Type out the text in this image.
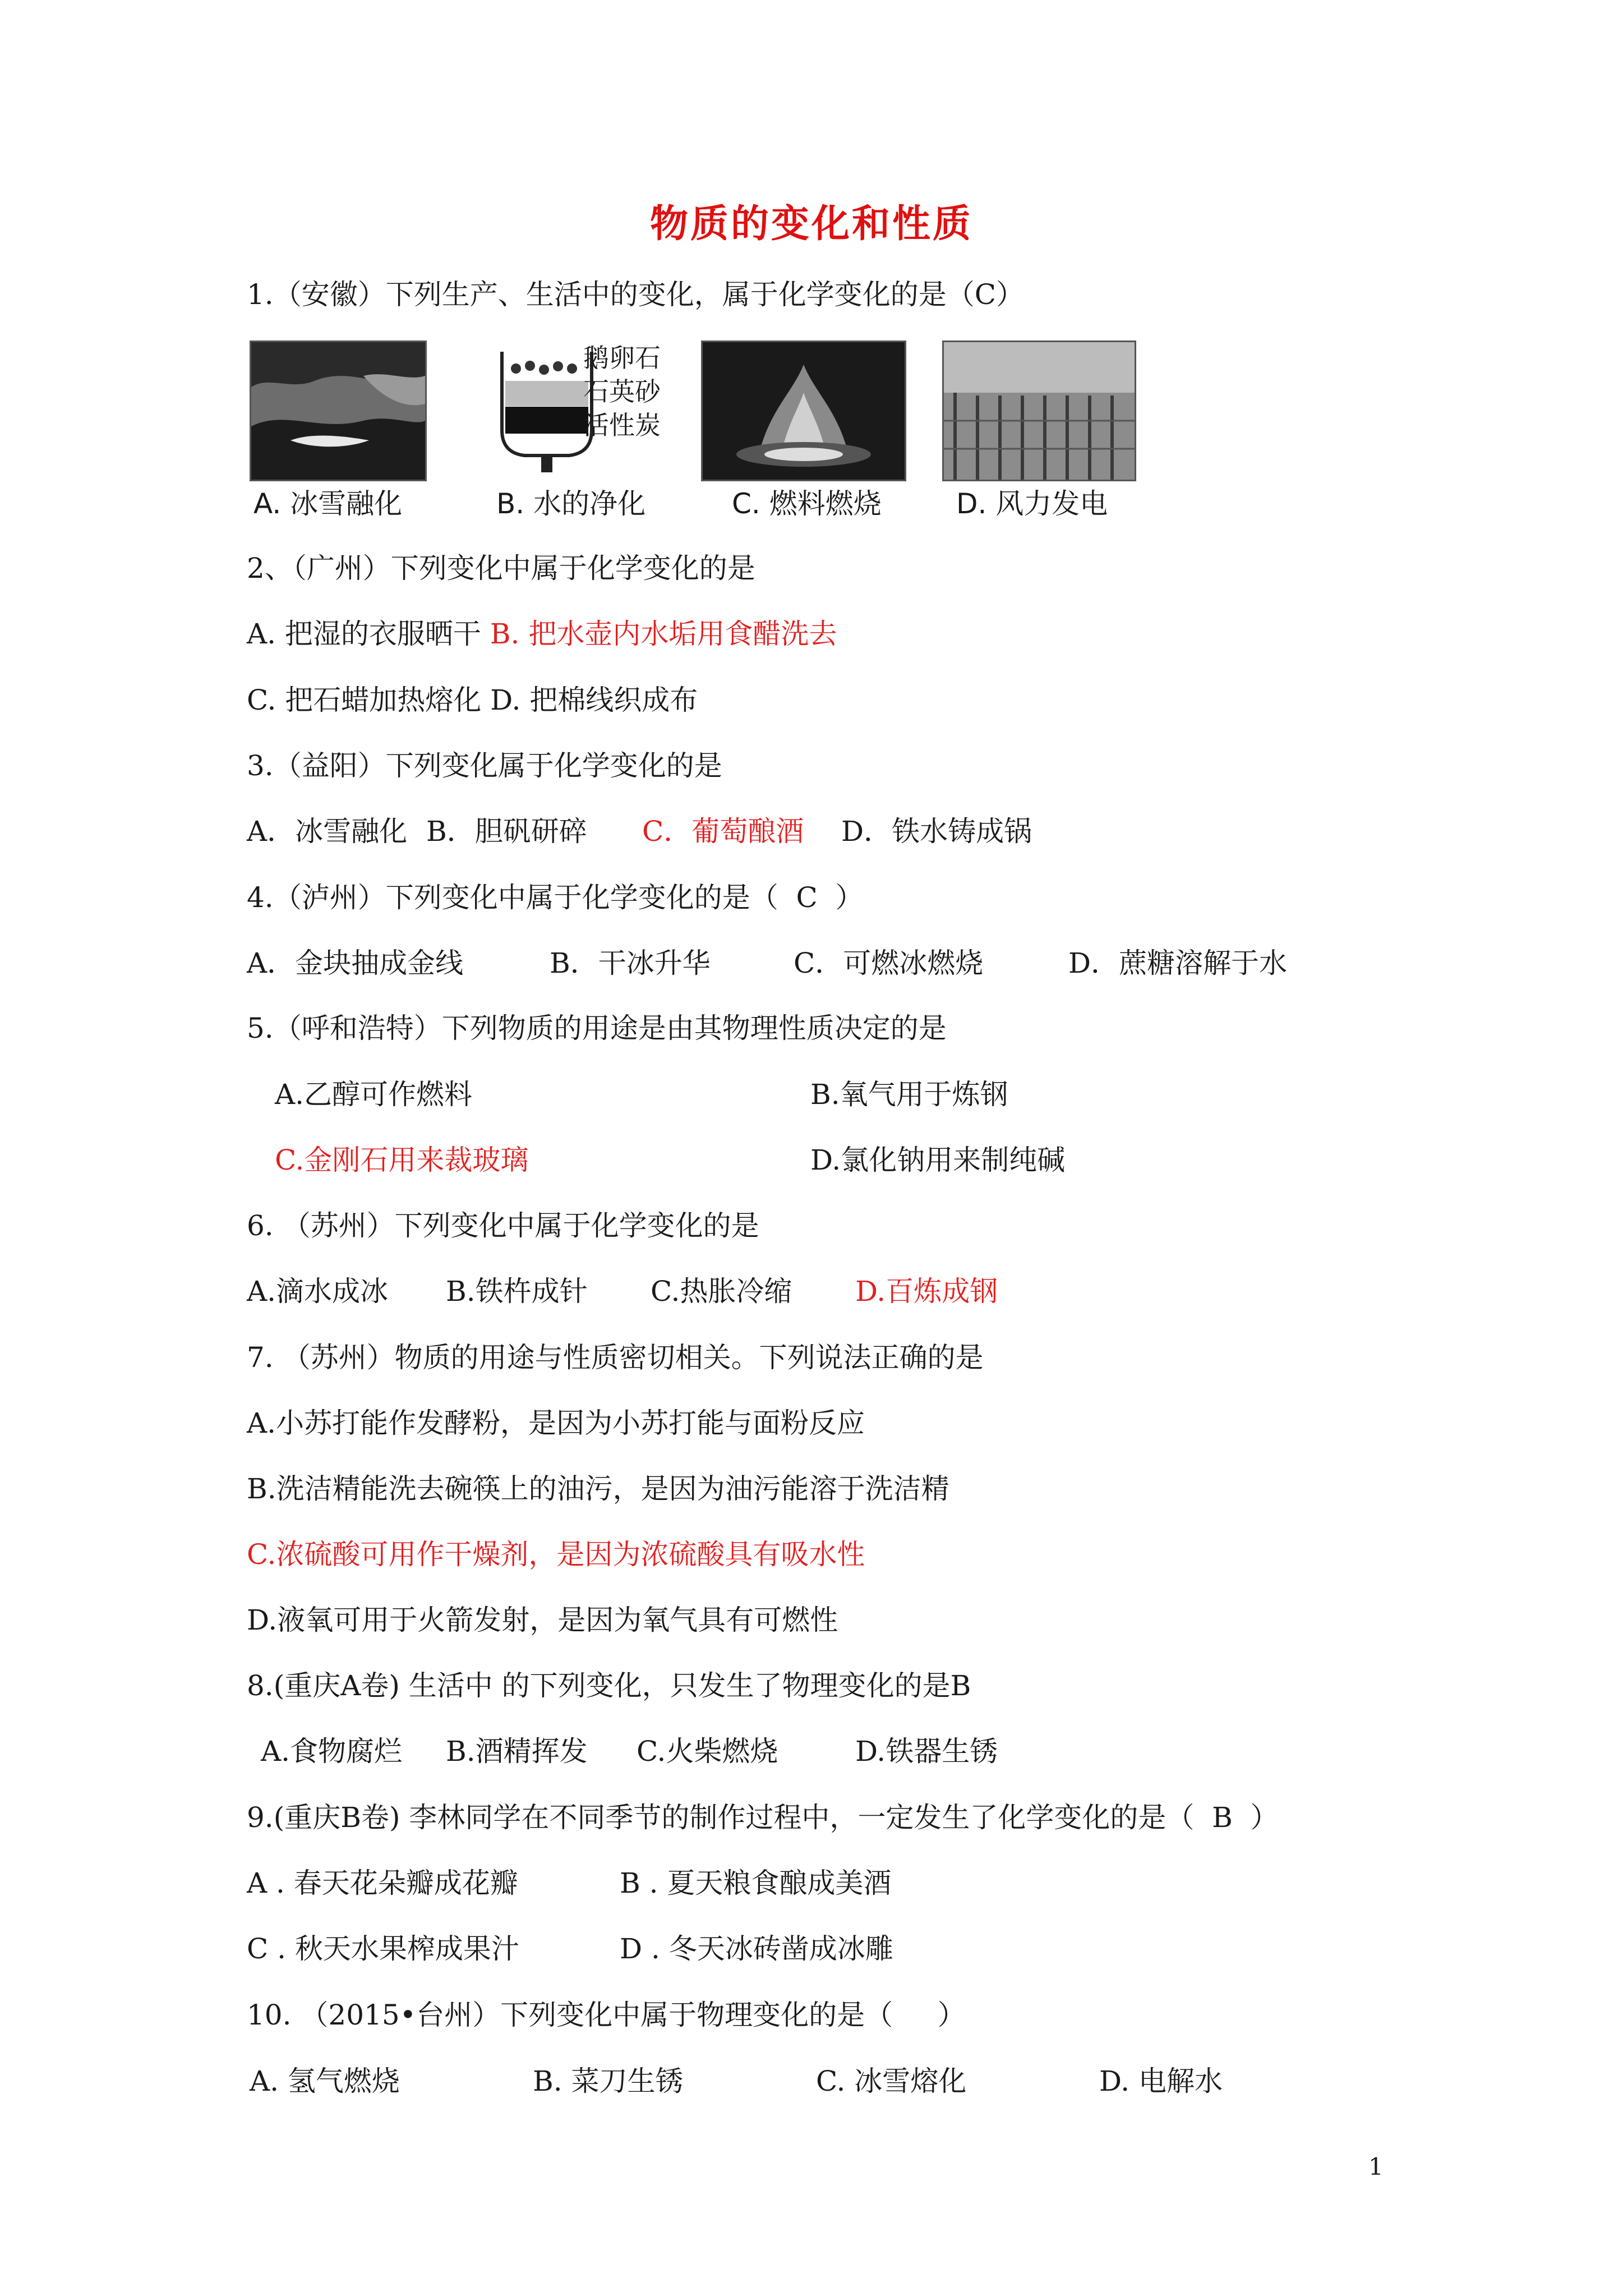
物质的变化和性质
1.（安徽）下列生产、生活中的变化，属于化学变化的是（C）
鹅卵石
石英砂
活性炭
A. 冰雪融化	B. 水的净化	C. 燃料燃烧	D. 风力发电
2、（广州）下列变化中属于化学变化的是
A. 把湿的衣服晒干 B. 把水壶内水垢用食醋洗去
C. 把石蜡加热熔化 D. 把棉线织成布
3.（益阳）下列变化属于化学变化的是
A．冰雪融化 B．胆矾研碎 C．葡萄酿酒 D．铁水铸成锅
4.（泸州）下列变化中属于化学变化的是（  C  ）
A．金块抽成金线	B．干冰升华	C．可燃冰燃烧	D．蔗糖溶解于水
5.（呼和浩特）下列物质的用途是由其物理性质决定的是
A.乙醇可作燃料	B.氧气用于炼钢
C.金刚石用来裁玻璃	D.氯化钠用来制纯碱
6. （苏州）下列变化中属于化学变化的是
A.滴水成冰 B.铁杵成针 C.热胀冷缩 D.百炼成钢
7. （苏州）物质的用途与性质密切相关。下列说法正确的是
A.小苏打能作发酵粉，是因为小苏打能与面粉反应
B.洗洁精能洗去碗筷上的油污，是因为油污能溶于洗洁精
C.浓硫酸可用作干燥剂，是因为浓硫酸具有吸水性
D.液氧可用于火箭发射，是因为氧气具有可燃性
8.(重庆A卷) 生活中 的下列变化，只发生了物理变化的是B
A.食物腐烂 B.酒精挥发 C.火柴燃烧	D.铁器生锈
9.(重庆B卷) 李林同学在不同季节的制作过程中，一定发生了化学变化的是（  B  ）
A . 春天花朵瓣成花瓣	B . 夏天粮食酿成美酒
C . 秋天水果榨成果汁	D . 冬天冰砖凿成冰雕
10. （2015•台州）下列变化中属于物理变化的是（     ）
A. 氢气燃烧	B. 菜刀生锈	C. 冰雪熔化	D. 电解水
1
